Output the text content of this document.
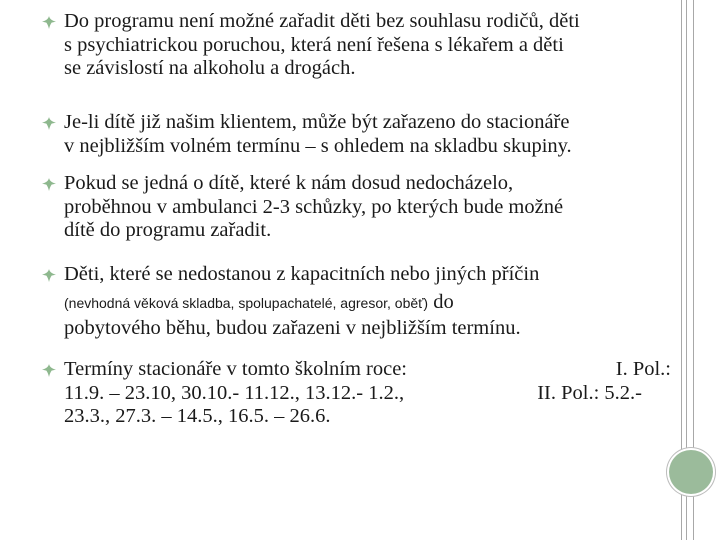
Do programu není možné zařadit děti bez souhlasu rodičů, děti
s psychiatrickou poruchou, která není řešena s lékařem a děti
se závislostí na alkoholu a drogách.
Je-li dítě již našim klientem, může být zařazeno do stacionáře
v nejbližším volném termínu – s ohledem na skladbu skupiny.
Pokud se jedná o dítě, které k nám dosud nedocházelo,
proběhnou v ambulanci 2-3 schůzky, po kterých bude možné
dítě do programu zařadit.
Děti, které se nedostanou z kapacitních nebo jiných příčin
(nevhodná věková skladba, spolupachatelé, agresor, oběť) do
pobytového běhu, budou zařazeni v nejbližším termínu.
Termíny stacionáře v tomto školním roce:	I. Pol.:
11.9. – 23.10, 30.10.- 11.12., 13.12.- 1.2.,	II. Pol.: 5.2.-
23.3., 27.3. – 14.5., 16.5. – 26.6.
